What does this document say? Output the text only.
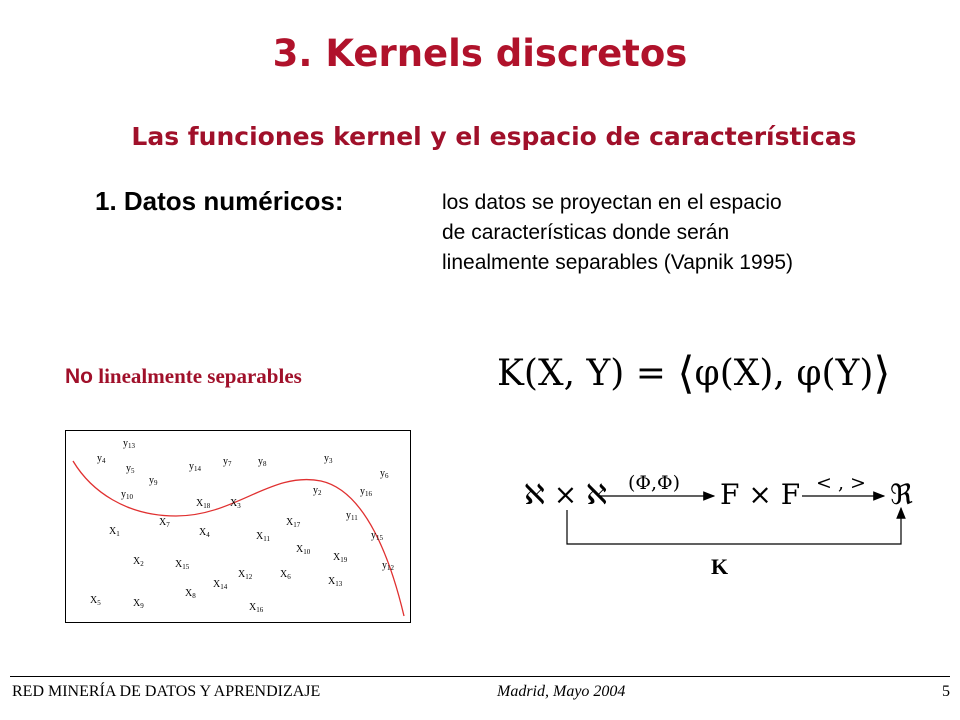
3. Kernels discretos
Las funciones kernel y el espacio de características
1. Datos numéricos:	los datos se proyectan en el espacio
de características donde serán
linealmente separables (Vapnik 1995)
No linealmente separables
$y_{13}$
$y_4$	$y_7$	$y_8$	$y_3$
$y_5$	$y_{14}$	$y_6$
$y_9$
$y_2$	$y_{16}$
$y_{10}$
$X_{18}$ $X_3$
$y_{11}$
$X_7$	$X_{17}$
$X_1$	$X_4$	$X_{11}$	$y_{15}$
$X_{10}$
$X_2$	$X_{15}$
$X_{19}$	$y_{12}$
$X_{12}$	$X_6$
$X_{14}$	$X_{13}$
$X_5$
$X_8$
$X_9$	$X_{16}$
K(X, Y) = ⟨φ(X), φ(Y)⟩
ℵ × ℵ (Φ,Φ) F × F < , > ℜ
K
RED MINERÍA DE DATOS Y APRENDIZAJE	Madrid, Mayo 2004	5
